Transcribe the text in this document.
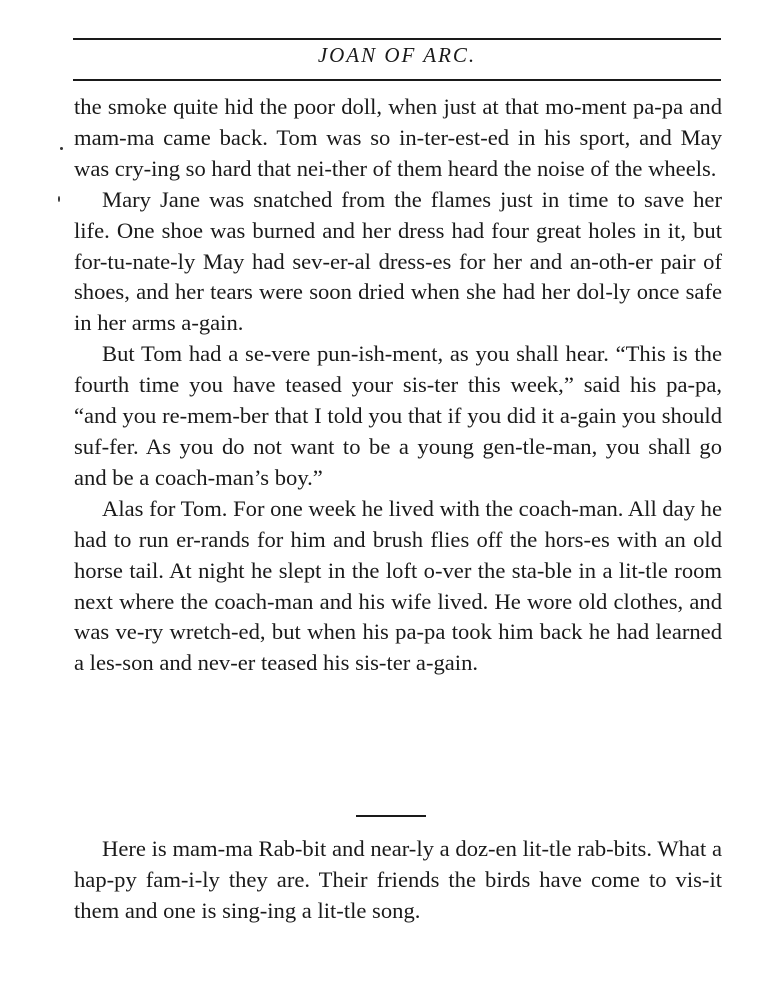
JOAN OF ARC.

the smoke quite hid the poor doll, when just at that mo-ment pa-pa and mam-ma came back. Tom was so in-ter-est-ed in his sport, and May was cry-ing so hard that nei-ther of them heard the noise of the wheels.

Mary Jane was snatched from the flames just in time to save her life. One shoe was burned and her dress had four great holes in it, but for-tu-nate-ly May had sev-er-al dress-es for her and an-oth-er pair of shoes, and her tears were soon dried when she had her dol-ly once safe in her arms a-gain.

But Tom had a se-vere pun-ish-ment, as you shall hear. “This is the fourth time you have teased your sis-ter this week,” said his pa-pa, “and you re-mem-ber that I told you that if you did it a-gain you should suf-fer. As you do not want to be a young gen-tle-man, you shall go and be a coach-man’s boy.”

Alas for Tom. For one week he lived with the coach-man. All day he had to run er-rands for him and brush flies off the hors-es with an old horse tail. At night he slept in the loft o-ver the sta-ble in a lit-tle room next where the coach-man and his wife lived. He wore old clothes, and was ve-ry wretch-ed, but when his pa-pa took him back he had learned a les-son and nev-er teased his sis-ter a-gain.

Here is mam-ma Rab-bit and near-ly a doz-en lit-tle rab-bits. What a hap-py fam-i-ly they are. Their friends the birds have come to vis-it them and one is sing-ing a lit-tle song.
